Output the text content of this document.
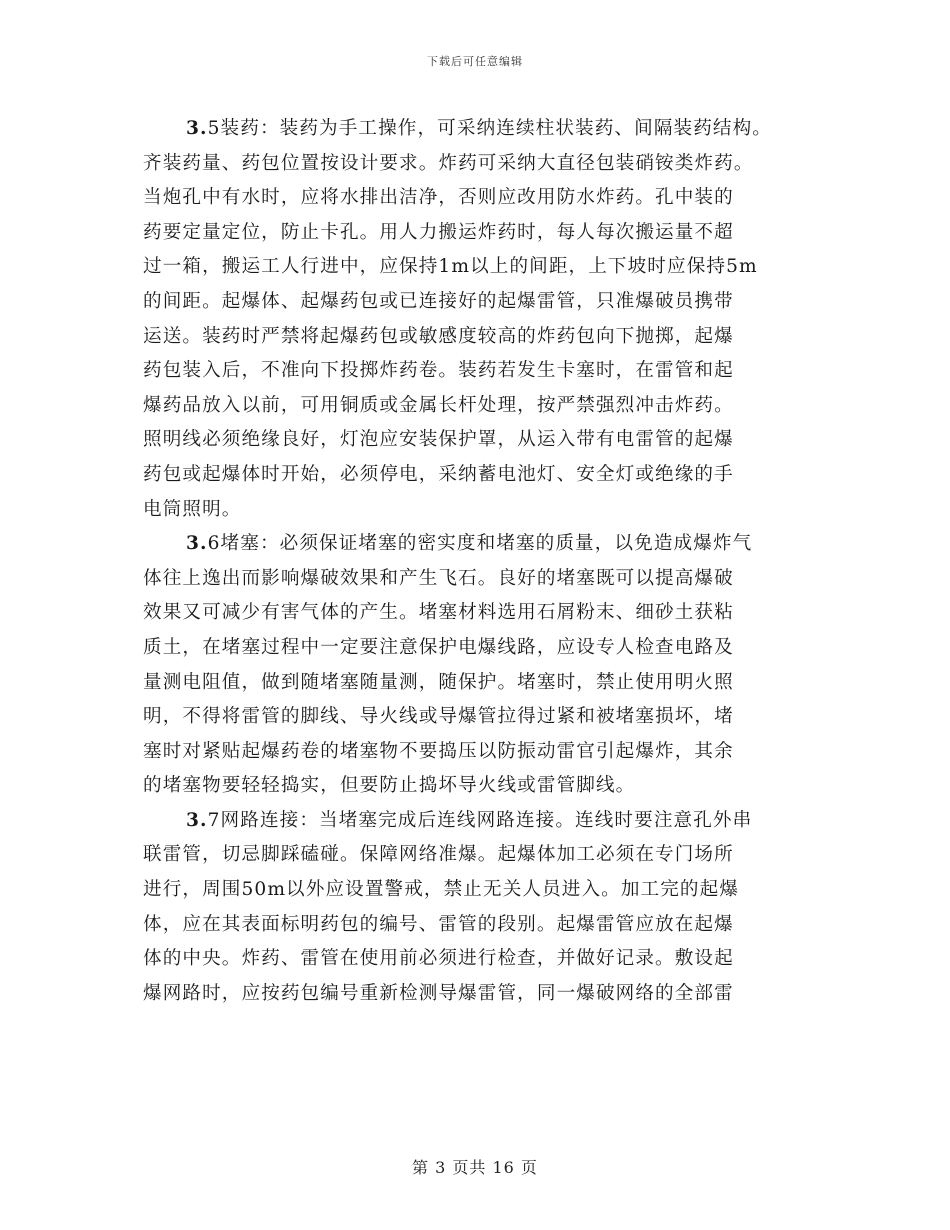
下载后可任意编辑
3.5装药：装药为手工操作，可采纳连续柱状装药、间隔装药结构。
齐装药量、药包位置按设计要求。炸药可采纳大直径包装硝铵类炸药。
当炮孔中有水时，应将水排出洁净，否则应改用防水炸药。孔中装的
药要定量定位，防止卡孔。用人力搬运炸药时，每人每次搬运量不超
过一箱，搬运工人行进中，应保持1m以上的间距，上下坡时应保持5m
的间距。起爆体、起爆药包或已连接好的起爆雷管，只准爆破员携带
运送。装药时严禁将起爆药包或敏感度较高的炸药包向下抛掷，起爆
药包装入后，不准向下投掷炸药卷。装药若发生卡塞时，在雷管和起
爆药品放入以前，可用铜质或金属长杆处理，按严禁强烈冲击炸药。
照明线必须绝缘良好，灯泡应安装保护罩，从运入带有电雷管的起爆
药包或起爆体时开始，必须停电，采纳蓄电池灯、安全灯或绝缘的手
电筒照明。
3.6堵塞：必须保证堵塞的密实度和堵塞的质量，以免造成爆炸气
体往上逸出而影响爆破效果和产生飞石。良好的堵塞既可以提高爆破
效果又可减少有害气体的产生。堵塞材料选用石屑粉末、细砂土获粘
质土，在堵塞过程中一定要注意保护电爆线路，应设专人检查电路及
量测电阻值，做到随堵塞随量测，随保护。堵塞时，禁止使用明火照
明，不得将雷管的脚线、导火线或导爆管拉得过紧和被堵塞损坏，堵
塞时对紧贴起爆药卷的堵塞物不要捣压以防振动雷官引起爆炸，其余
的堵塞物要轻轻捣实，但要防止捣坏导火线或雷管脚线。
3.7网路连接：当堵塞完成后连线网路连接。连线时要注意孔外串
联雷管，切忌脚踩磕碰。保障网络准爆。起爆体加工必须在专门场所
进行，周围50m以外应设置警戒，禁止无关人员进入。加工完的起爆
体，应在其表面标明药包的编号、雷管的段别。起爆雷管应放在起爆
体的中央。炸药、雷管在使用前必须进行检查，并做好记录。敷设起
爆网路时，应按药包编号重新检测导爆雷管，同一爆破网络的全部雷
第 3 页共 16 页
